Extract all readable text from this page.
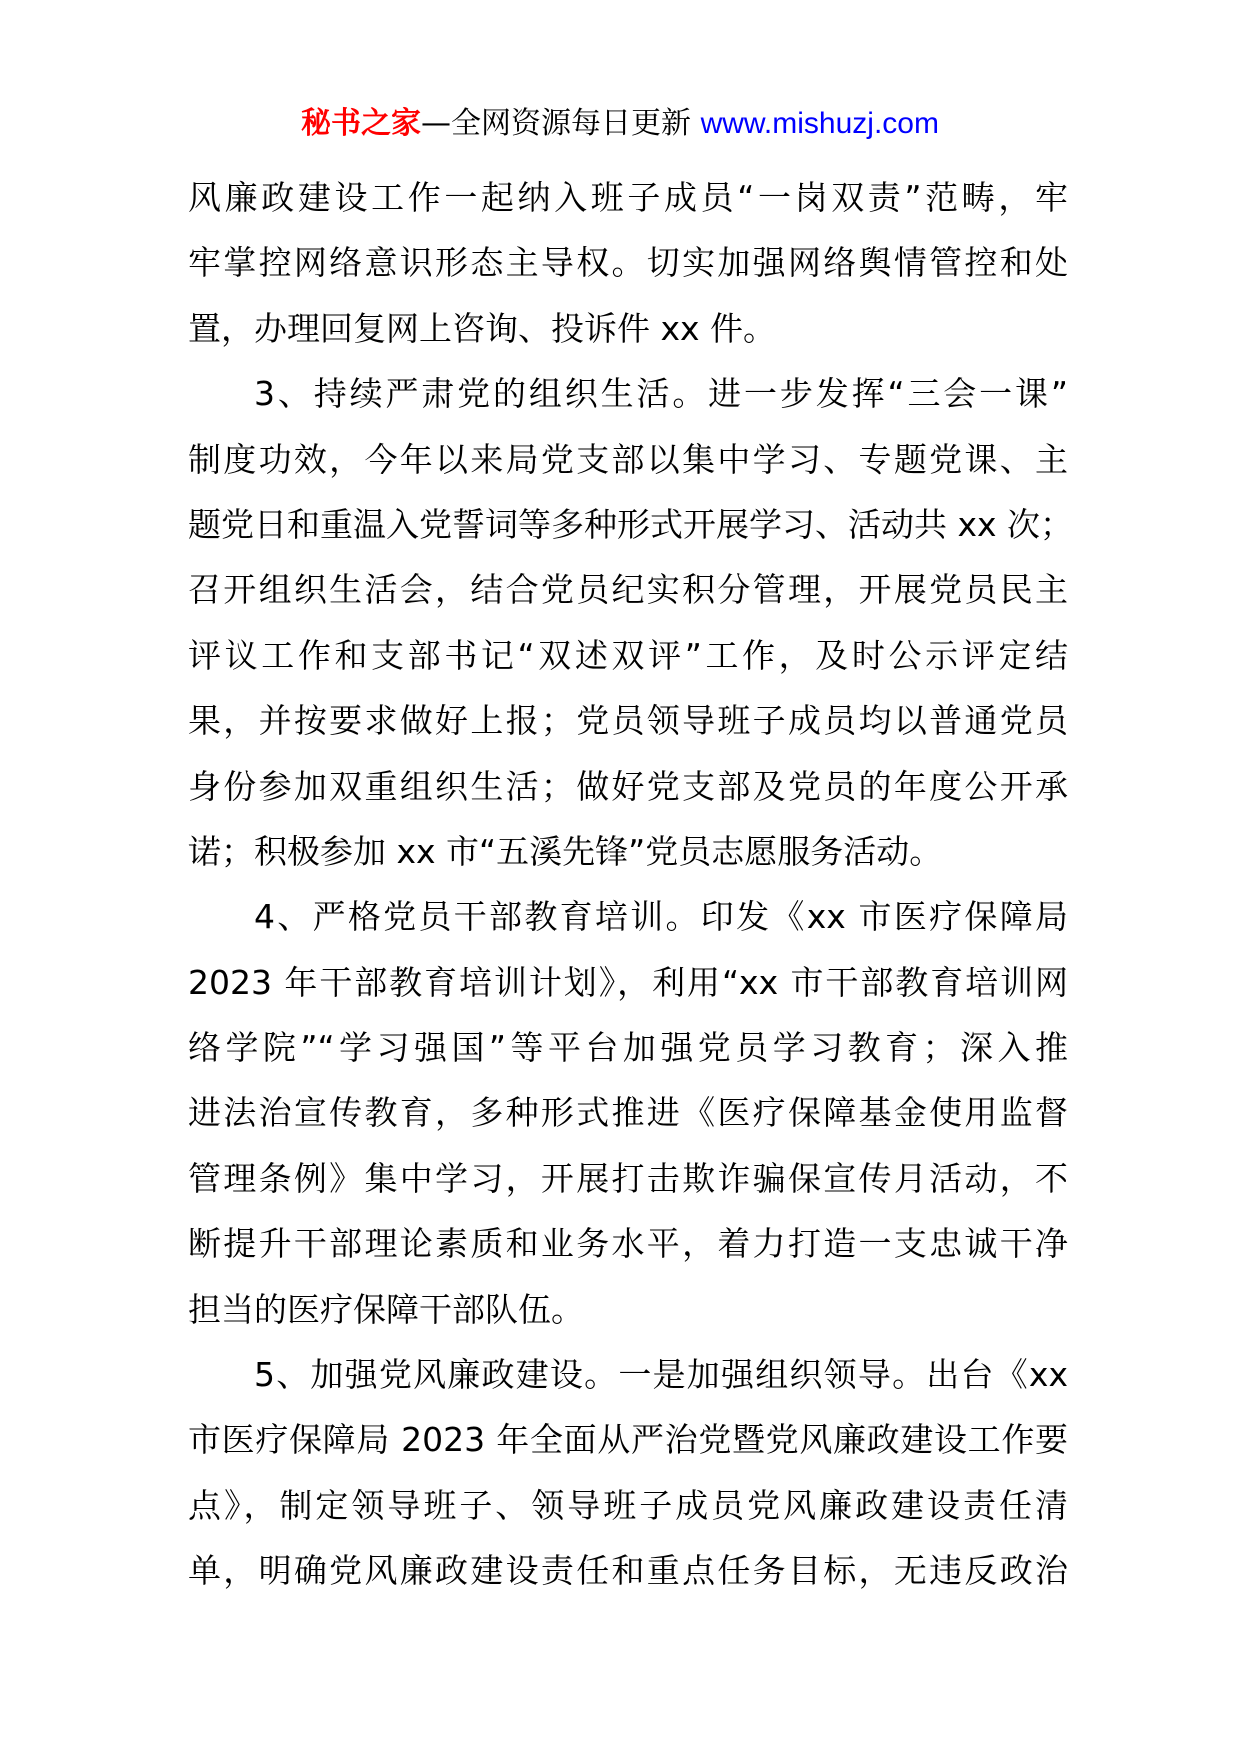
秘书之家—全网资源每日更新 www.mishuzj.com
风廉政建设工作一起纳入班子成员“一岗双责”范畴，牢
牢掌控网络意识形态主导权。切实加强网络舆情管控和处
置，办理回复网上咨询、投诉件 xx 件。
3、持续严肃党的组织生活。进一步发挥“三会一课”
制度功效，今年以来局党支部以集中学习、专题党课、主
题党日和重温入党誓词等多种形式开展学习、活动共 xx 次；
召开组织生活会，结合党员纪实积分管理，开展党员民主
评议工作和支部书记“双述双评”工作，及时公示评定结
果，并按要求做好上报；党员领导班子成员均以普通党员
身份参加双重组织生活；做好党支部及党员的年度公开承
诺；积极参加 xx 市“五溪先锋”党员志愿服务活动。
4、严格党员干部教育培训。印发《xx 市医疗保障局
2023 年干部教育培训计划》，利用“xx 市干部教育培训网
络学院”“学习强国”等平台加强党员学习教育；深入推
进法治宣传教育，多种形式推进《医疗保障基金使用监督
管理条例》集中学习，开展打击欺诈骗保宣传月活动，不
断提升干部理论素质和业务水平，着力打造一支忠诚干净
担当的医疗保障干部队伍。
5、加强党风廉政建设。一是加强组织领导。出台《xx
市医疗保障局 2023 年全面从严治党暨党风廉政建设工作要
点》，制定领导班子、领导班子成员党风廉政建设责任清
单，明确党风廉政建设责任和重点任务目标，无违反政治
